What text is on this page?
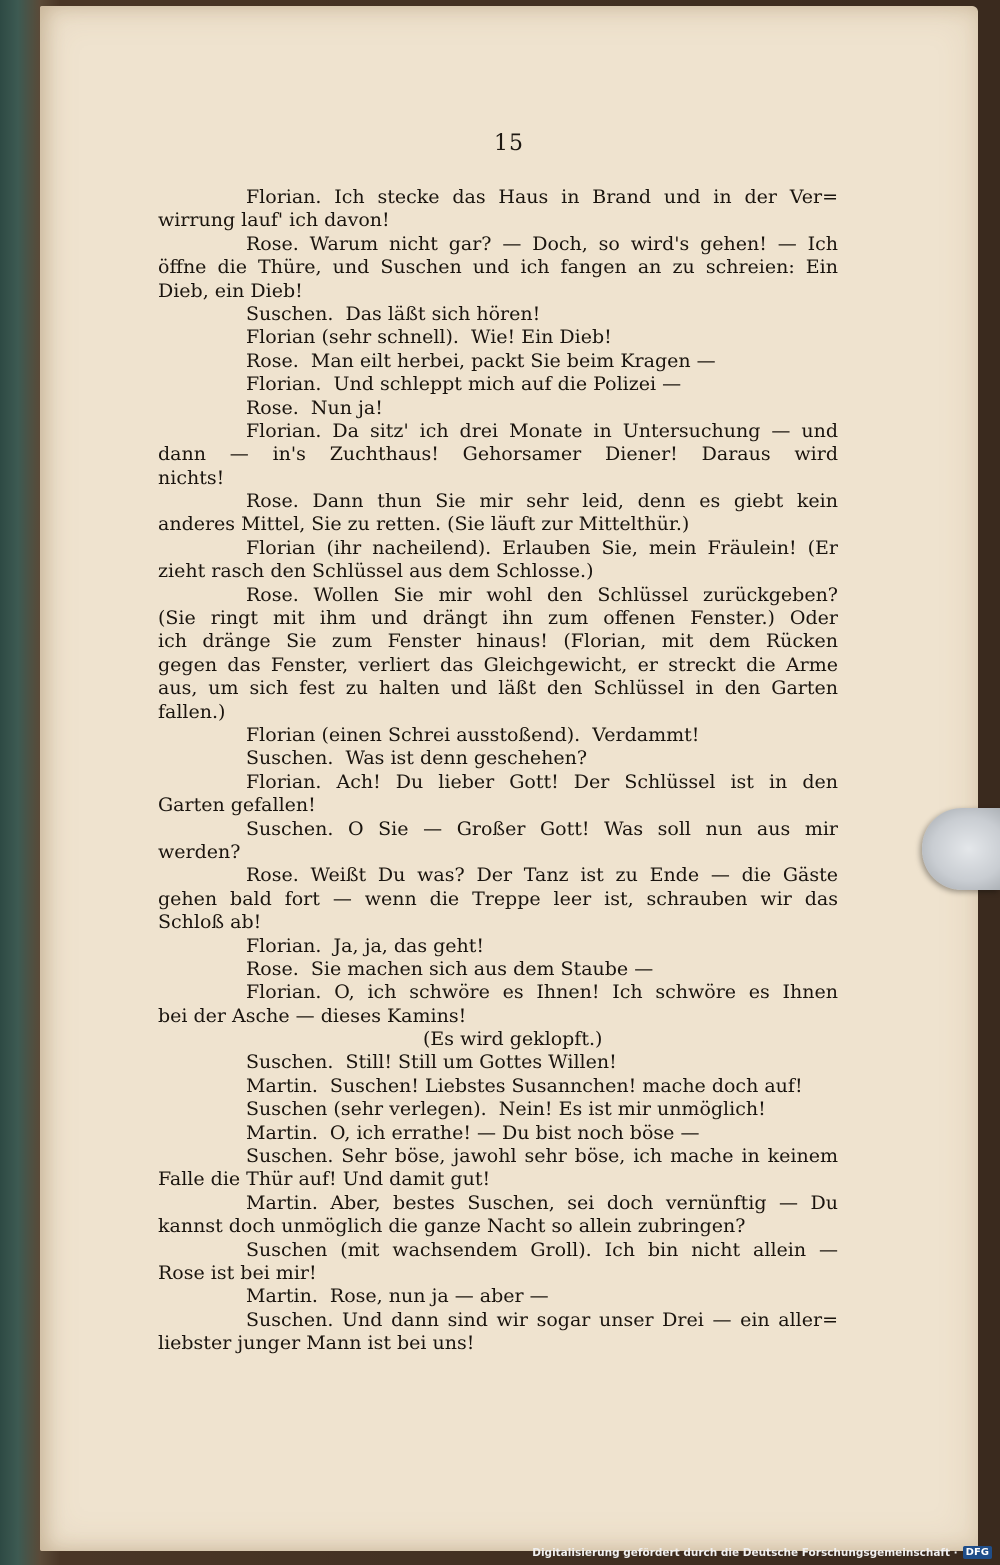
15
Florian. Ich stecke das Haus in Brand und in der Ver=
wirrung lauf' ich davon!
Rose. Warum nicht gar? — Doch, so wird's gehen! — Ich
öffne die Thüre, und Suschen und ich fangen an zu schreien: Ein
Dieb, ein Dieb!
Suschen.  Das läßt sich hören!
Florian (sehr schnell).  Wie! Ein Dieb!
Rose.  Man eilt herbei, packt Sie beim Kragen —
Florian.  Und schleppt mich auf die Polizei —
Rose.  Nun ja!
Florian. Da sitz' ich drei Monate in Untersuchung — und
dann — in's Zuchthaus! Gehorsamer Diener! Daraus wird
nichts!
Rose. Dann thun Sie mir sehr leid, denn es giebt kein
anderes Mittel, Sie zu retten. (Sie läuft zur Mittelthür.)
Florian (ihr nacheilend). Erlauben Sie, mein Fräulein! (Er
zieht rasch den Schlüssel aus dem Schlosse.)
Rose. Wollen Sie mir wohl den Schlüssel zurückgeben?
(Sie ringt mit ihm und drängt ihn zum offenen Fenster.) Oder
ich dränge Sie zum Fenster hinaus! (Florian, mit dem Rücken
gegen das Fenster, verliert das Gleichgewicht, er streckt die Arme
aus, um sich fest zu halten und läßt den Schlüssel in den Garten
fallen.)
Florian (einen Schrei ausstoßend).  Verdammt!
Suschen.  Was ist denn geschehen?
Florian. Ach! Du lieber Gott! Der Schlüssel ist in den
Garten gefallen!
Suschen. O Sie — Großer Gott! Was soll nun aus mir
werden?
Rose. Weißt Du was? Der Tanz ist zu Ende — die Gäste
gehen bald fort — wenn die Treppe leer ist, schrauben wir das
Schloß ab!
Florian.  Ja, ja, das geht!
Rose.  Sie machen sich aus dem Staube —
Florian. O, ich schwöre es Ihnen! Ich schwöre es Ihnen
bei der Asche — dieses Kamins!
(Es wird geklopft.)
Suschen.  Still! Still um Gottes Willen!
Martin.  Suschen! Liebstes Susannchen! mache doch auf!
Suschen (sehr verlegen).  Nein! Es ist mir unmöglich!
Martin.  O, ich errathe! — Du bist noch böse —
Suschen. Sehr böse, jawohl sehr böse, ich mache in keinem
Falle die Thür auf! Und damit gut!
Martin. Aber, bestes Suschen, sei doch vernünftig — Du
kannst doch unmöglich die ganze Nacht so allein zubringen?
Suschen (mit wachsendem Groll). Ich bin nicht allein —
Rose ist bei mir!
Martin.  Rose, nun ja — aber —
Suschen. Und dann sind wir sogar unser Drei — ein aller=
liebster junger Mann ist bei uns!
Digitalisierung gefördert durch die Deutsche Forschungsgemeinschaft · DFG
